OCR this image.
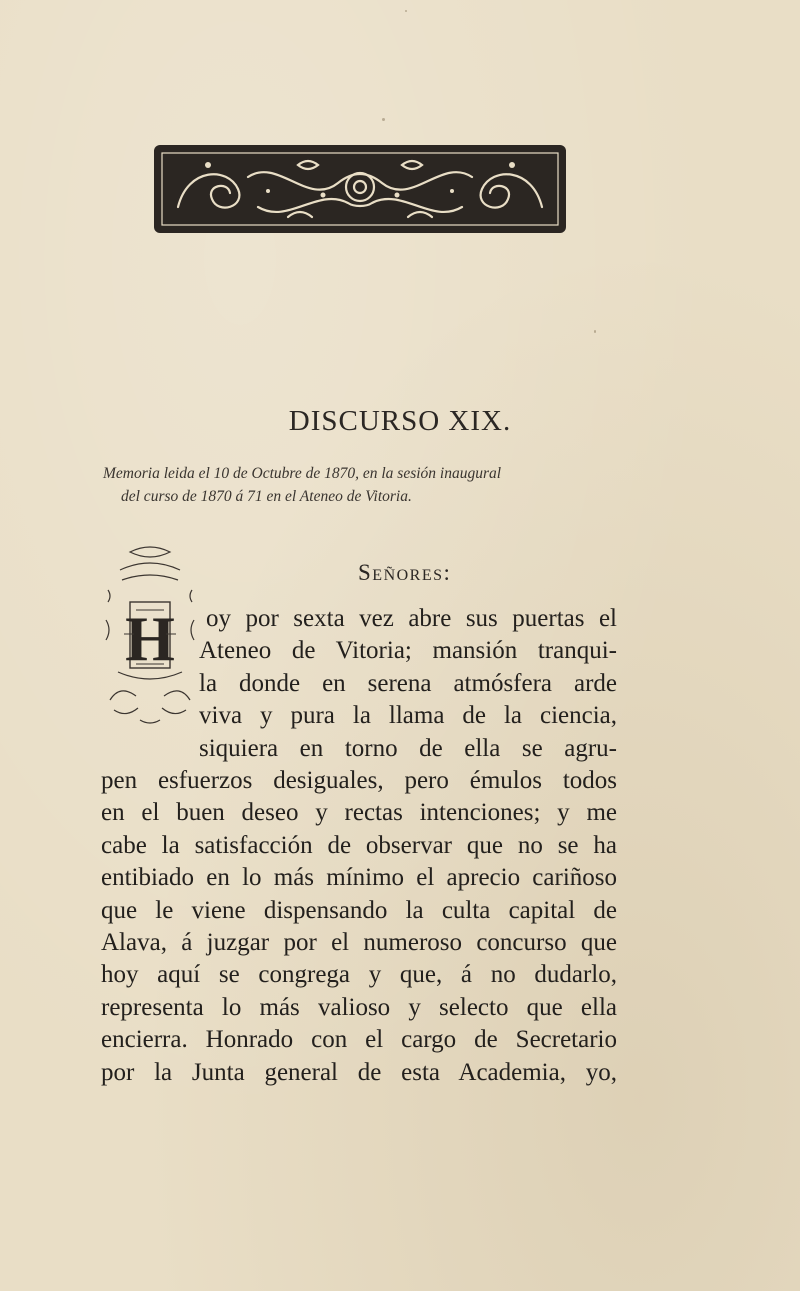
DISCURSO XIX.
Memoria leida el 10 de Octubre de 1870, en la sesión inaugural
del curso de 1870 á 71 en el Ateneo de Vitoria.
Señores:
H oy por sexta vez abre sus puertas el
Ateneo de Vitoria; mansión tranqui-
la donde en serena atmósfera arde
viva y pura la llama de la ciencia,
siquiera en torno de ella se agru-
pen esfuerzos desiguales, pero émulos todos
en el buen deseo y rectas intenciones; y me
cabe la satisfacción de observar que no se ha
entibiado en lo más mínimo el aprecio cariñoso
que le viene dispensando la culta capital de
Alava, á juzgar por el numeroso concurso que
hoy aquí se congrega y que, á no dudarlo,
representa lo más valioso y selecto que ella
encierra. Honrado con el cargo de Secretario
por la Junta general de esta Academia, yo,
